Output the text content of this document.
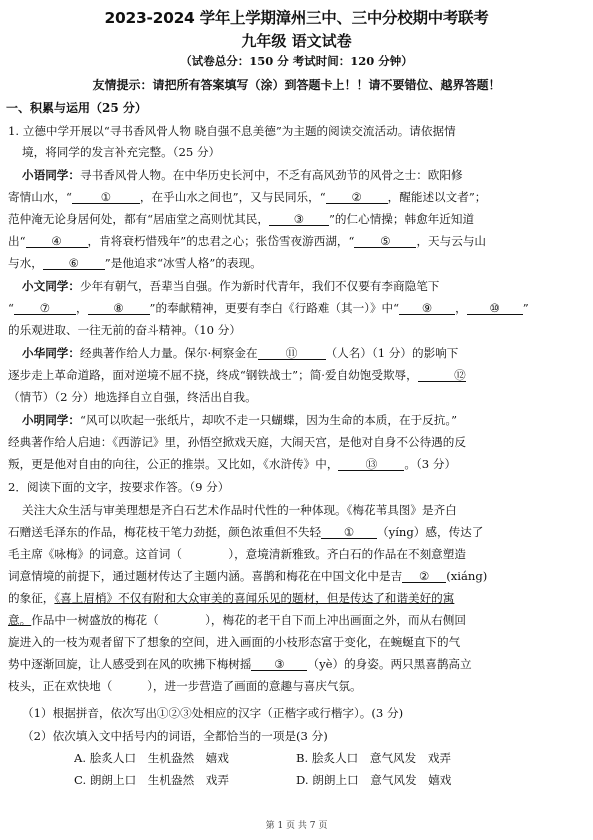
2023-2024 学年上学期漳州三中、三中分校期中考联考
九年级 语文试卷
（试卷总分：150 分 考试时间：120 分钟）
友情提示：请把所有答案填写（涂）到答题卡上！！请不要错位、越界答题！
一、积累与运用（25 分）
1. 立德中学开展以“寻书香风骨人物 晓自强不息美德”为主题的阅读交流活动。请依据情
境，将同学的发言补充完整。（25 分）
小语同学：寻书香风骨人物。在中华历史长河中，不乏有高风劲节的风骨之士：欧阳修
寄情山水，“ ① ，在乎山水之间也”，又与民同乐，“ ② ，醒能述以文者”；
范仲淹无论身居何处，都有“居庙堂之高则忧其民， ③ ”的仁心情操；韩愈年近知道
出“ ④ ，肯将衰朽惜残年”的忠君之心；张岱雪夜游西湖，“ ⑤ ，天与云与山
与水， ⑥ ”是他追求“冰雪人格”的表现。
小文同学：少年有朝气，吾辈当自强。作为新时代青年，我们不仅要有李商隐笔下
“ ⑦ ， ⑧ ”的奉献精神，更要有李白《行路难（其一）》中“ ⑨ ， ⑩ ”
的乐观进取、一往无前的奋斗精神。（10 分）
小华同学：经典著作给人力量。保尔·柯察金在 ⑪ （人名）（1 分）的影响下
逐步走上革命道路，面对逆境不屈不挠，终成“钢铁战士”；简·爱自幼饱受欺辱，	⑫
（情节）（2 分）地选择自立自强，终活出自我。
小明同学：“风可以吹起一张纸片，却吹不走一只蝴蝶，因为生命的本质，在于反抗。”
经典著作给人启迪：《西游记》里，孙悟空掀戏天庭，大闹天宫，是他对自身不公待遇的反
叛，更是他对自由的向往，公正的推崇。又比如，《水浒传》中， ⑬ 。（3 分）
2．阅读下面的文字，按要求作答。（9 分）
关注大众生活与审美理想是齐白石艺术作品时代性的一种体现。《梅花苇具图》是齐白
石赠送毛泽东的作品，梅花枝干笔力劲挺，颜色浓重但不失轻 ① （yíng）感，传达了
毛主席《咏梅》的词意。这首词（　　　　），意境清新雅致。齐白石的作品在不刻意塑造
词意情境的前提下，通过题材传达了主题内涵。喜鹊和梅花在中国文化中是吉 ② (xiáng)
的象征，《喜上眉梢》不仅有附和大众审美的喜闻乐见的题材，但是传达了和谐美好的寓
意。作品中一树盛放的梅花（　　　　），梅花的老干自下而上冲出画面之外，而从右侧回
旋进入的一枝为观者留下了想象的空间，进入画面的小枝形态富于变化，在蜿蜒直下的气
势中逐渐回旋，让人感受到在风的吹拂下梅树摇 ③ （yè）的身姿。两只黑喜鹊高立
枝头，正在欢快地（　　　），进一步营造了画面的意趣与喜庆气氛。
（1）根据拼音，依次写出①②③处相应的汉字（正楷字或行楷字）。(3 分)
（2）依次填入文中括号内的词语，全都恰当的一项是(3 分)
A. 脍炙人口　生机盎然　嬉戏	B. 脍炙人口　意气风发　戏弄
C. 朗朗上口　生机盎然　戏弄	D. 朗朗上口　意气风发　嬉戏
第 1 页 共 7 页
